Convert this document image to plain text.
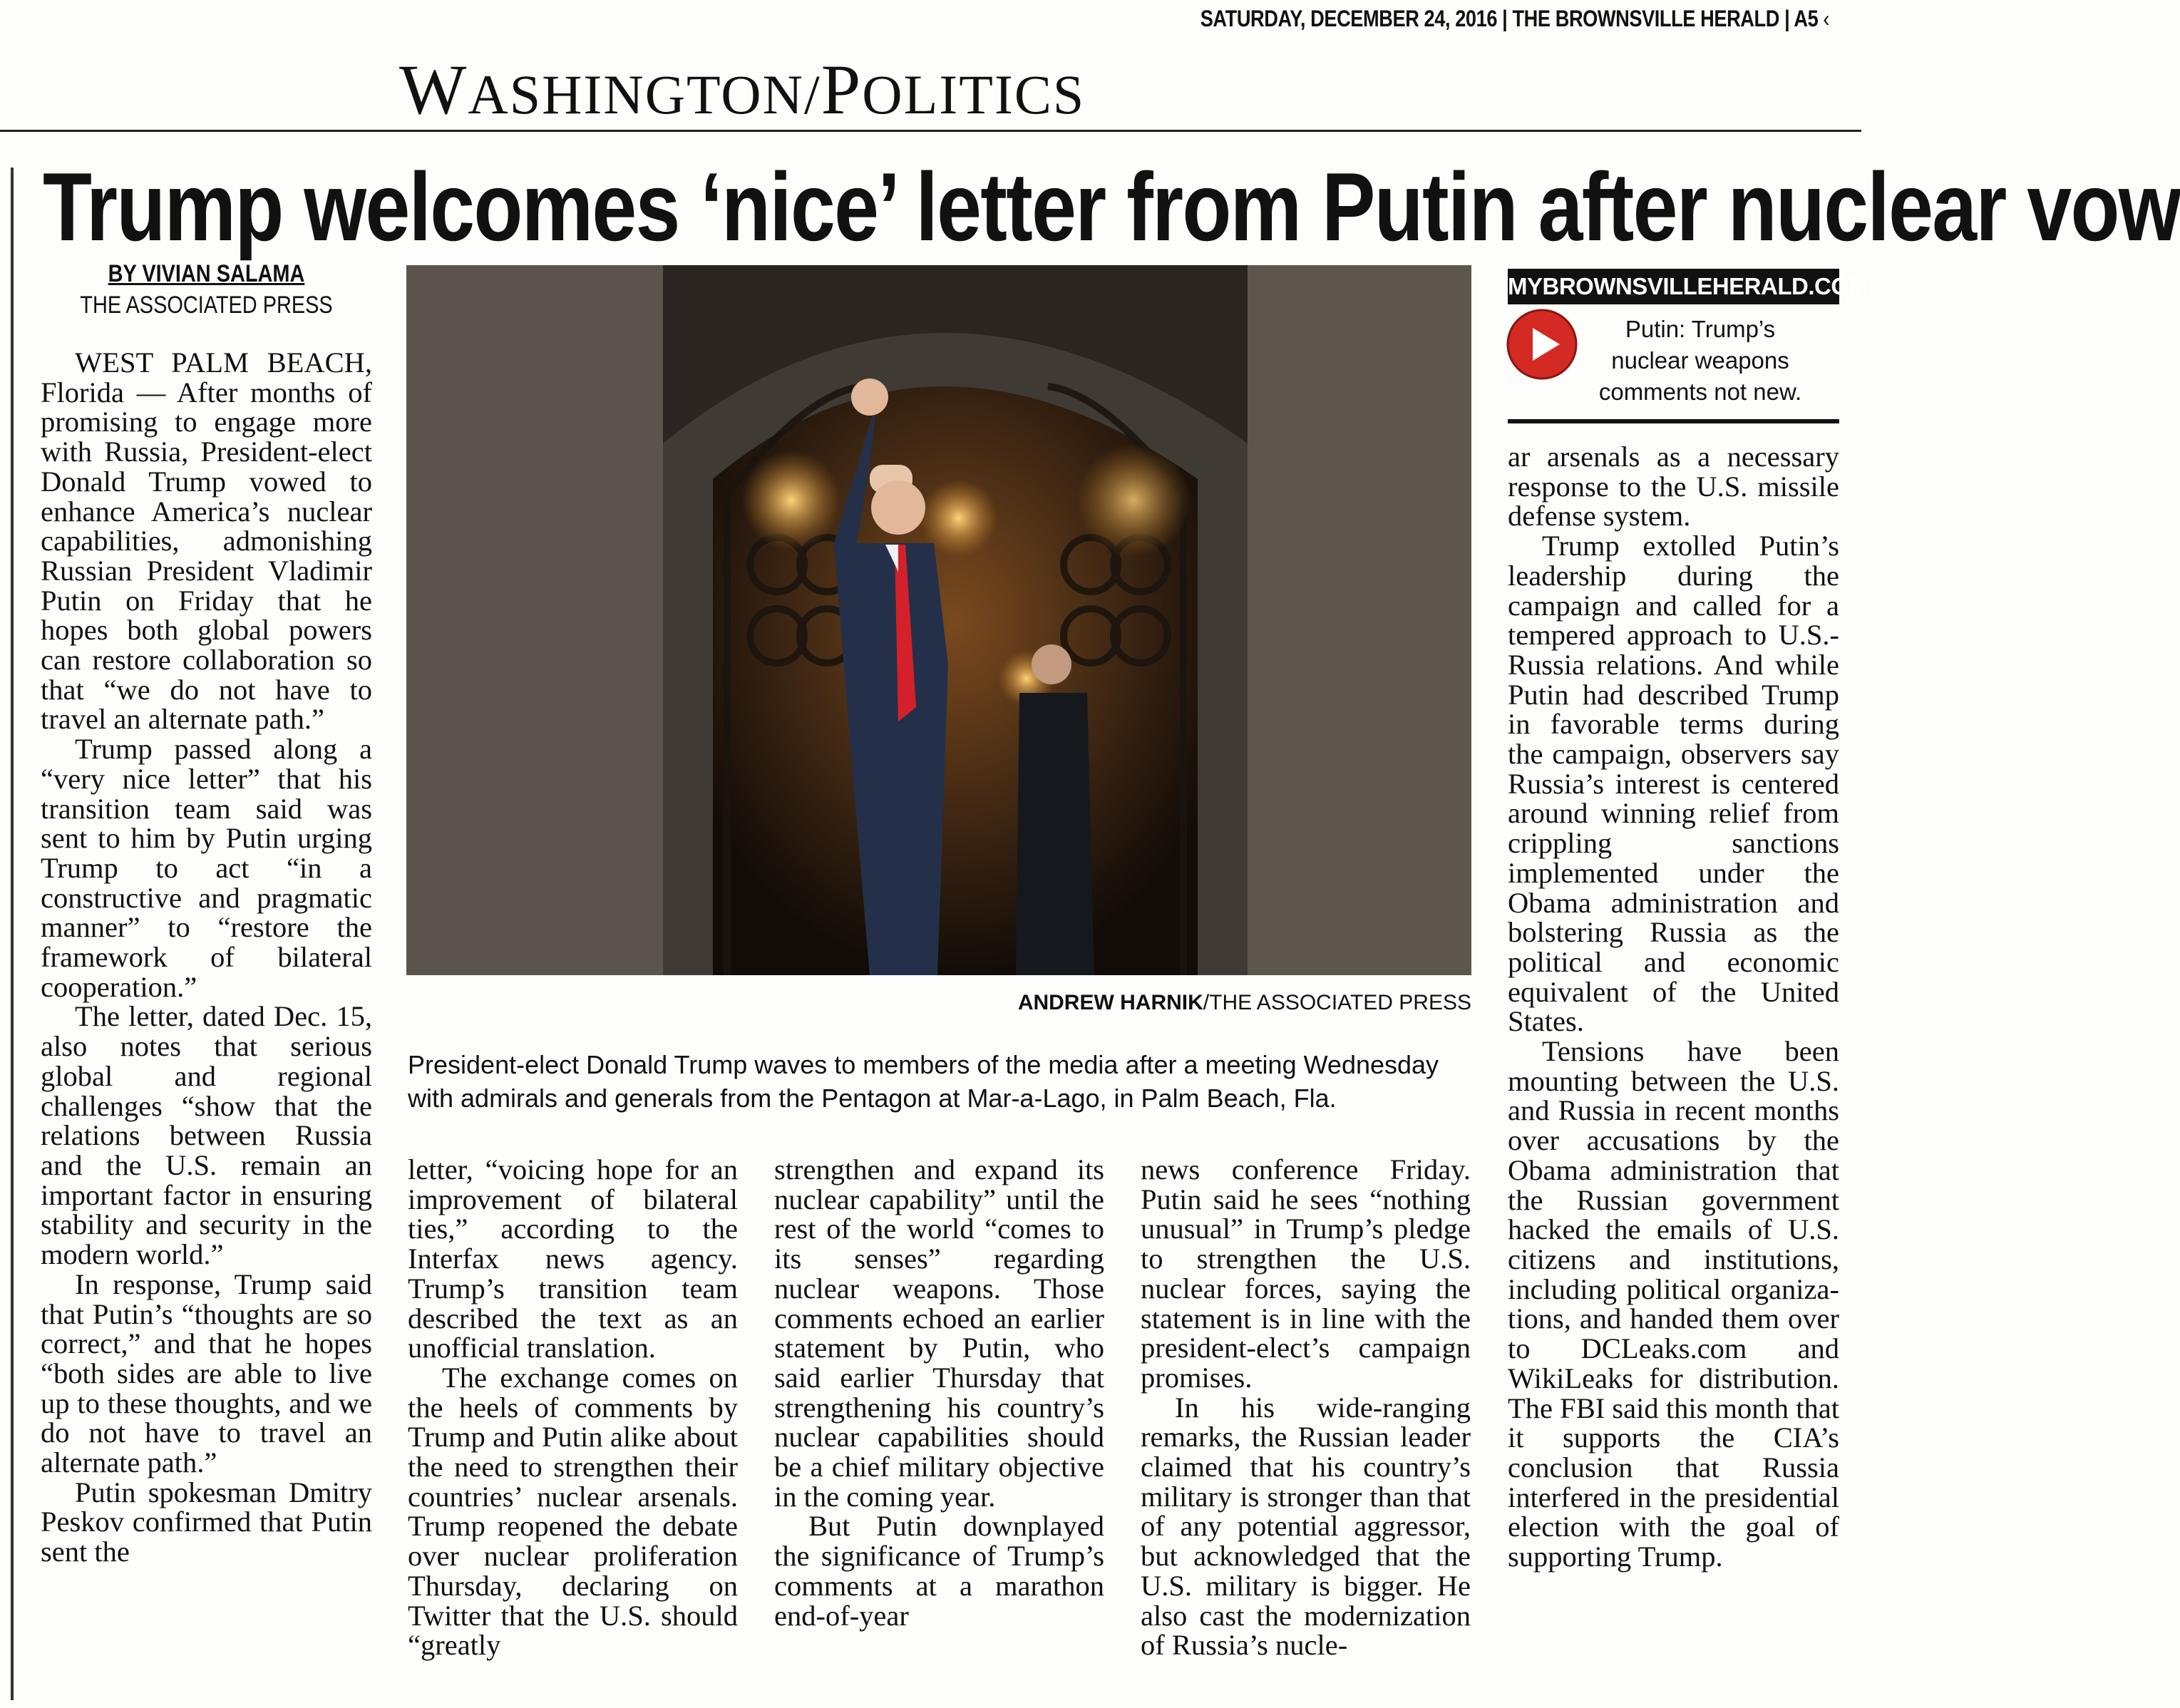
SATURDAY, DECEMBER 24, 2016 | THE BROWNSVILLE HERALD | A5 ‹
WASHINGTON/POLITICS
Trump welcomes ‘nice’ letter from Putin after nuclear vow
BY VIVIAN SALAMA
THE ASSOCIATED PRESS

WEST PALM BEACH, Florida — After months of promising to engage more with Russia, President-elect Donald Trump vowed to enhance America’s nuclear capabilities, admonishing Russian President Vladimir Putin on Friday that he hopes both global powers can restore collaboration so that “we do not have to travel an alternate path.”

Trump passed along a “very nice letter” that his transition team said was sent to him by Putin urging Trump to act “in a constructive and pragmatic manner” to “restore the framework of bilateral cooperation.”

The letter, dated Dec. 15, also notes that serious global and regional challenges “show that the relations between Russia and the U.S. remain an important factor in ensuring stability and security in the modern world.”

In response, Trump said that Putin’s “thoughts are so correct,” and that he hopes “both sides are able to live up to these thoughts, and we do not have to travel an alternate path.”

Putin spokesman Dmitry Peskov confirmed that Putin sent the

ANDREW HARNIK/THE ASSOCIATED PRESS
President-elect Donald Trump waves to members of the media after a meeting Wednesday with admirals and generals from the Pentagon at Mar-a-Lago, in Palm Beach, Fla.

letter, “voicing hope for an improvement of bilateral ties,” according to the Interfax news agency. Trump’s transition team described the text as an unofficial translation.

The exchange comes on the heels of comments by Trump and Putin alike about the need to strengthen their countries’ nuclear arsenals. Trump reopened the debate over nuclear proliferation Thursday, declaring on Twitter that the U.S. should “greatly

strengthen and expand its nuclear capability” until the rest of the world “comes to its senses” regarding nuclear weapons. Those comments echoed an earlier statement by Putin, who said earlier Thursday that strengthening his country’s nuclear capabilities should be a chief military objective in the coming year.

But Putin downplayed the significance of Trump’s comments at a marathon end-of-year

news conference Friday. Putin said he sees “nothing unusual” in Trump’s pledge to strengthen the U.S. nuclear forces, saying the statement is in line with the president-elect’s campaign promises.

In his wide-ranging remarks, the Russian leader claimed that his country’s military is stronger than that of any potential aggressor, but acknowledged that the U.S. military is bigger. He also cast the modernization of Russia’s nucle-

MYBROWNSVILLEHERALD.COM
Putin: Trump’s nuclear weapons comments not new.

ar arsenals as a necessary response to the U.S. missile defense system.

Trump extolled Putin’s leadership during the campaign and called for a tempered approach to U.S.-Russia relations. And while Putin had described Trump in favorable terms during the campaign, observers say Russia’s interest is centered around winning relief from crippling sanctions implemented under the Obama administration and bolstering Russia as the political and economic equivalent of the United States.

Tensions have been mounting between the U.S. and Russia in recent months over accusations by the Obama administration that the Russian government hacked the emails of U.S. citizens and institutions, including political organizations, and handed them over to DCLeaks.com and WikiLeaks for distribution. The FBI said this month that it supports the CIA’s conclusion that Russia interfered in the presidential election with the goal of supporting Trump.
